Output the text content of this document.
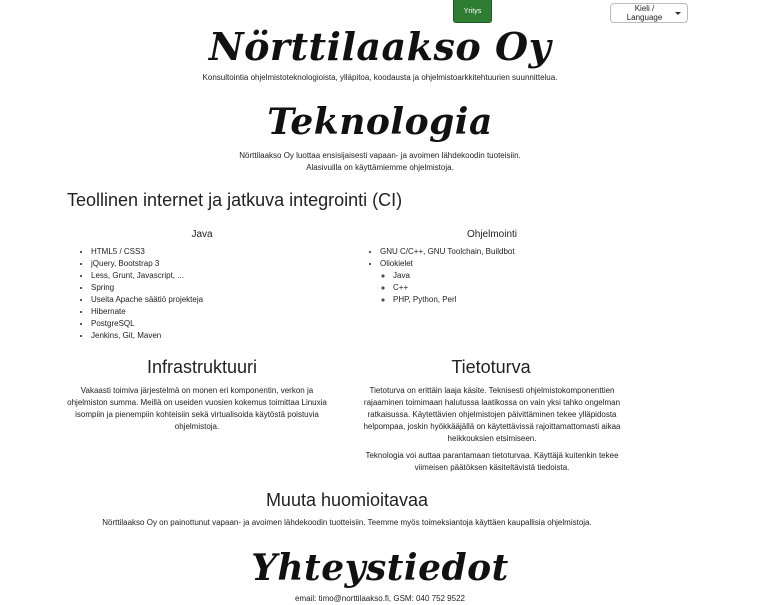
Yritys	Kieli / Language
Nörttilaakso Oy

Konsultointia ohjelmistoteknologioista, ylläpitoa, koodausta ja ohjelmistoarkkitehtuurien suunnittelua.

Teknologia

Nörttilaakso Oy luottaa ensisijaisesti vapaan- ja avoimen lähdekoodin tuoteisiin. Alasivuilla on käyttämiemme ohjelmistoja.

Teollinen internet ja jatkuva integrointi (CI)
Java
• HTML5 / CSS3
• jQuery, Bootstrap 3
• Less, Grunt, Javascript, ...
• Spring
• Useita Apache säätiö projekteja
• Hibernate
• PostgreSQL
• Jenkins, Git, Maven
Ohjelmointi
• GNU C/C++, GNU Toolchain, Buildbot
• Oliokielet
◦ Java
◦ C++
◦ PHP, Python, Perl
Infrastruktuuri

Vakaasti toimiva järjestelmä on monen eri komponentin, verkon ja ohjelmiston summa. Meillä on useiden vuosien kokemus toimittaa Linuxia isompiin ja pienempiin kohteisiin sekä virtualisoida käytöstä poistuvia ohjelmistoja.

Tietoturva

Tietoturva on erittäin laaja käsite. Teknisesti ohjelmistokomponenttien rajaaminen toimimaan halutussa laatikossa on vain yksi tahko ongelman ratkaisussa. Käytettävien ohjelmistojen päivittäminen tekee ylläpidosta helpompaa, joskin hyökkääjällä on käytettävissä rajoittamattomasti aikaa heikkouksien etsimiseen.

Teknologia voi auttaa parantamaan tietoturvaa. Käyttäjä kuitenkin tekee viimeisen päätöksen käsiteltävistä tiedoista.

Muuta huomioitavaa

Nörttilaakso Oy on painottunut vapaan- ja avoimen lähdekoodin tuotteisiin. Teemme myös toimeksiantoja käyttäen kaupallisia ohjelmistoja.

Yhteystiedot

email: timo@norttilaakso.fi, GSM: 040 752 9522
